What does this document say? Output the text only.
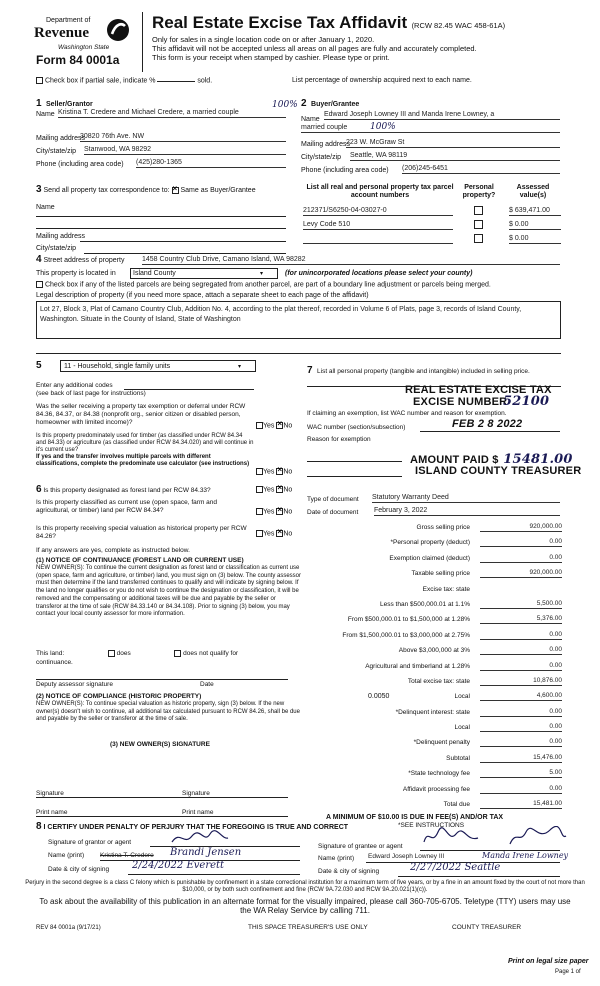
Department of
Revenue
Washington State
Form 84 0001a
Real Estate Excise Tax Affidavit (RCW 82.45 WAC 458-61A)
Only for sales in a single location code on or after January 1, 2020.
This affidavit will not be accepted unless all areas on all pages are fully and accurately completed.
This form is your receipt when stamped by cashier. Please type or print.
Check box if partial sale, indicate %	sold.	List percentage of ownership acquired next to each name.
1 Seller/Grantor
Name Kristina T. Credere and Michael Credere, a married couple
100%
Mailing address
30820 76th Ave. NW
City/state/zip Stanwood, WA 98292
Phone (including area code) (425)280-1365
2 Buyer/Grantee
Name
Edward Joseph Lowney III and Manda Irene Lowney, a
married couple	100%
Mailing address
223 W. McGraw St
City/state/zip Seattle, WA 98119
Phone (including area code) (206)245-6451
3 Send all property tax correspondence to: × Same as Buyer/Grantee
Name
Mailing address
City/state/zip
List all real and personal property tax parcel account numbers
Personal property?
Assessed value(s)
212371/S6250-04-03027-0	$ 639,471.00
Levy Code 510	$ 0.00
$ 0.00
4 Street address of property	1458 Country Club Drive, Camano Island, WA 98282
This property is located in	Island County	▾	(for unincorporated locations please select your county)
Check box if any of the listed parcels are being segregated from another parcel, are part of a boundary line adjustment or parcels being merged.
Legal description of property (if you need more space, attach a separate sheet to each page of the affidavit)
Lot 27, Block 3, Plat of Camano Country Club, Addition No. 4, according to the plat thereof, recorded in Volume 6 of Plats, page 3, records of Island County, Washington. Situate in the County of Island, State of Washington
5	11 - Household, single family units	▾
Enter any additional codes
(see back of last page for instructions)
Was the seller receiving a property tax exemption or deferral under RCW 84.36, 84.37, or 84.38 (nonprofit org., senior citizen or disabled person, homeowner with limited income)?	Yes × No
Is this property predominately used for timber (as classified under RCW 84.34 and 84.33) or agriculture (as classified under RCW 84.34.020) and will continue in it's current use?
If yes and the transfer involves multiple parcels with different classifications, complete the predominate use calculator (see instructions)
Yes × No
6 Is this property designated as forest land per RCW 84.33?	Yes × No
Is this property classified as current use (open space, farm and agricultural, or timber) land per RCW 84.34?	Yes × No
Is this property receiving special valuation as historical property per RCW 84.26?	Yes × No
If any answers are yes, complete as instructed below.
(1) NOTICE OF CONTINUANCE (FOREST LAND OR CURRENT USE)
NEW OWNER(S): To continue the current designation as forest land or classification as current use (open space, farm and agriculture, or timber) land, you must sign on (3) below. The county assessor must then determine if the land transferred continues to qualify and will indicate by signing below. If the land no longer qualifies or you do not wish to continue the designation or classification, it will be removed and the compensating or additional taxes will be due and payable by the seller or transferor at the time of sale (RCW 84.33.140 or 84.34.108). Prior to signing (3) below, you may contact your local county assessor for more information.
This land:	does	does not qualify for
continuance.
Deputy assessor signature	Date
(2) NOTICE OF COMPLIANCE (HISTORIC PROPERTY)
NEW OWNER(S): To continue special valuation as historic property, sign (3) below. If the new owner(s) doesn't wish to continue, all additional tax calculated pursuant to RCW 84.26, shall be due and payable by the seller or transferor at the time of sale.
(3) NEW OWNER(S) SIGNATURE
Signature	Signature
Print name	Print name
7 List all personal property (tangible and intangible) included in selling price.
REAL ESTATE EXCISE TAX
EXCISE NUMBER
52100
If claiming an exemption, list WAC number and reason for exemption.
WAC number (section/subsection)	FEB 2 8 2022
Reason for exemption
AMOUNT PAID $ 15481.00
ISLAND COUNTY TREASURER
Type of document Statutory Warranty Deed
Date of document February 3, 2022
Gross selling price	920,000.00
*Personal property (deduct)	0.00
Exemption claimed (deduct)	0.00
Taxable selling price	920,000.00
Excise tax: state
Less than $500,000.01 at 1.1%	5,500.00
From $500,000.01 to $1,500,000 at 1.28%	5,376.00
From $1,500,000.01 to $3,000,000 at 2.75%	0.00
Above $3,000,000 at 3%	0.00
Agricultural and timberland at 1.28%	0.00
Total excise tax: state	10,876.00
0.0050	Local	4,600.00
*Delinquent interest: state	0.00
Local	0.00
*Delinquent penalty	0.00
Subtotal	15,476.00
*State technology fee	5.00
Affidavit processing fee	0.00
Total due	15,481.00
A MINIMUM OF $10.00 IS DUE IN FEE(S) AND/OR TAX
*SEE INSTRUCTIONS
8 I CERTIFY UNDER PENALTY OF PERJURY THAT THE FOREGOING IS TRUE AND CORRECT
Signature of grantor or agent
Name (print) Kristina T. Credere Brandi Jensen
Date & city of signing 2/24/2022 Everett
Signature of grantee or agent
Name (print) Edward Joseph Lowney III	Manda Irene Lowney
Date & city of signing	2/27/2022 Seattle
Perjury in the second degree is a class C felony which is punishable by confinement in a state correctional institution for a maximum term of five years, or by a fine in an amount fixed by the court of not more than $10,000, or by both such confinement and fine (RCW 9A.72.030 and RCW 9A.20.021(1)(c)).
To ask about the availability of this publication in an alternate format for the visually impaired, please call 360-705-6705. Teletype (TTY) users may use the WA Relay Service by calling 711.
REV 84 0001a (9/17/21)	THIS SPACE TREASURER'S USE ONLY	COUNTY TREASURER
Print on legal size paper
Page 1 of
